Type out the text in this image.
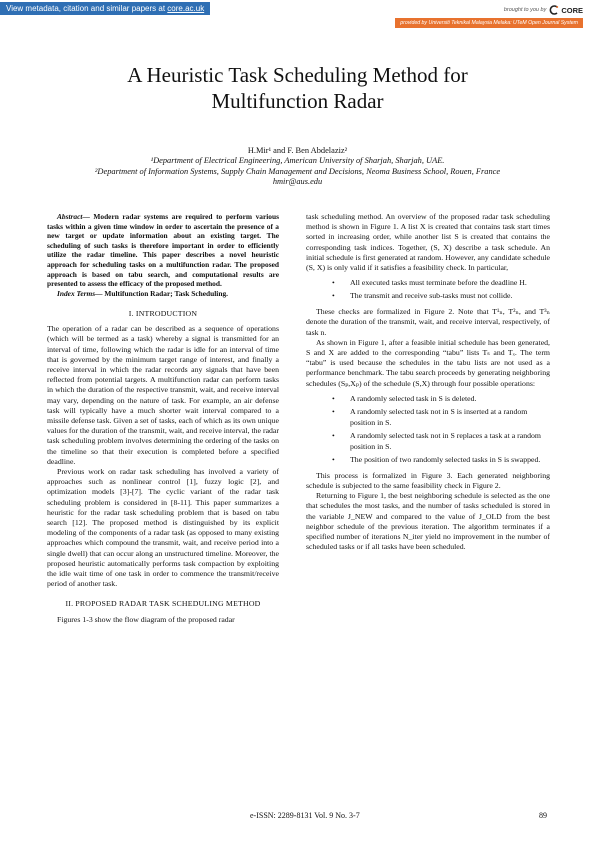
View metadata, citation and similar papers at core.ac.uk	brought to you by CORE
provided by Universiti Teknikal Malaysia Melaka: UTeM Open Journal System
A Heuristic Task Scheduling Method for
Multifunction Radar
H.Mir¹ and F. Ben Abdelaziz²
¹Department of Electrical Engineering, American University of Sharjah, Sharjah, UAE.
²Department of Information Systems, Supply Chain Management and Decisions, Neoma Business School, Rouen, France
hmir@aus.edu

Abstract— Modern radar systems are required to perform various tasks within a given time window in order to ascertain the presence of a new target or update information about an existing target. The scheduling of such tasks is therefore important in order to efficiently utilize the radar timeline. This paper describes a novel heuristic approach for scheduling tasks on a multifunction radar. The proposed approach is based on tabu search, and computational results are presented to assess the efficacy of the proposed method.

Index Terms— Multifunction Radar; Task Scheduling.

I. INTRODUCTION

The operation of a radar can be described as a sequence of operations (which will be termed as a task) whereby a signal is transmitted for an interval of time, following which the radar is idle for an interval of time that is governed by the minimum target range of interest, and finally a receive interval in which the radar records any signals that have been reflected from potential targets. A multifunction radar can perform tasks in which the duration of the respective transmit, wait, and receive interval may vary, depending on the nature of task. For example, an air defense task will typically have a much shorter wait interval compared to a missile defense task. Given a set of tasks, each of which as its own unique values for the duration of the transmit, wait, and receive interval, the radar task scheduling problem involves determining the ordering of the tasks on the timeline so that their execution is completed before a specified deadline.

Previous work on radar task scheduling has involved a variety of approaches such as nonlinear control [1], fuzzy logic [2], and optimization models [3]-[7]. The cyclic variant of the radar task scheduling problem is considered in [8-11]. This paper summarizes a heuristic for the radar task scheduling problem that is based on tabu search [12]. The proposed method is distinguished by its explicit modeling of the components of a radar task (as opposed to many existing approaches which compound the transmit, wait, and receive period into a single dwell) that can occur along an unstructured timeline. Moreover, the proposed heuristic automatically performs task compaction by exploiting the idle wait time of one task in order to commence the transmit/receive period of another task.

II. PROPOSED RADAR TASK SCHEDULING METHOD

Figures 1-3 show the flow diagram of the proposed radar

task scheduling method. An overview of the proposed radar task scheduling method is shown in Figure 1. A list X is created that contains task start times sorted in increasing order, while another list S is created that contains the corresponding task indices. Together, (S, X) describe a task schedule. An initial schedule is first generated at random. However, any candidate schedule (S, X) is only valid if it satisfies a feasibility check. In particular,

• All executed tasks must terminate before the deadline H.
• The transmit and receive sub-tasks must not collide.

These checks are formalized in Figure 2. Note that T¹ₙ, T²ₙ, and T³ₙ denote the duration of the transmit, wait, and receive interval, respectively, of task n.

As shown in Figure 1, after a feasible initial schedule has been generated, S and X are added to the corresponding “tabu” lists Tₛ and Tₓ. The term “tabu” is used because the schedules in the tabu lists are not used as a performance benchmark. The tabu search proceeds by generating neighboring schedules (Sₚ,Xₚ) of the schedule (S,X) through four possible operations:

• A randomly selected task in S is deleted.
• A randomly selected task not in S is inserted at a random position in S.
• A randomly selected task not in S replaces a task at a random position in S.
• The position of two randomly selected tasks in S is swapped.

This process is formalized in Figure 3. Each generated neighboring schedule is subjected to the same feasibility check in Figure 2.

Returning to Figure 1, the best neighboring schedule is selected as the one that schedules the most tasks, and the number of tasks scheduled is stored in the variable J_NEW and compared to the value of J_OLD from the best neighbor schedule of the previous iteration. The algorithm terminates if a specified number of iterations N_iter yield no improvement in the number of scheduled tasks or if all tasks have been scheduled.

e-ISSN: 2289-8131 Vol. 9 No. 3-7	89
